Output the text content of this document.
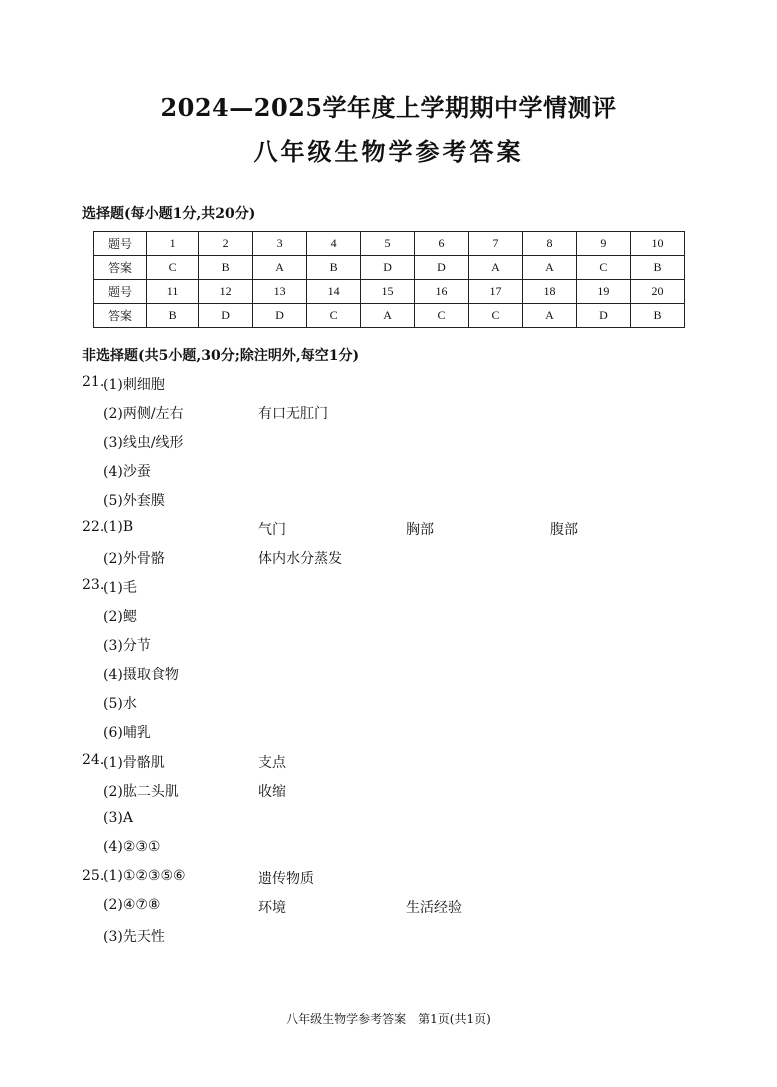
2024—2025学年度上学期期中学情测评
八年级生物学参考答案
选择题(每小题1分,共20分)
题号	1	2	3	4	5	6	7	8	9	10
答案	C	B	A	B	D	D	A	A	C	B
题号	11	12	13	14	15	16	17	18	19	20
答案	B	D	D	C	A	C	C	A	D	B
非选择题(共5小题,30分;除注明外,每空1分)
21.
(1)刺细胞
(2)两侧/左右	有口无肛门
(3)线虫/线形
(4)沙蚕
(5)外套膜
22.
(1)B	气门	胸部	腹部
(2)外骨骼	体内水分蒸发
23.
(1)毛
(2)鳃
(3)分节
(4)摄取食物
(5)水
(6)哺乳
24.
(1)骨骼肌	支点
(2)肱二头肌	收缩
(3)A
(4)②③①
25.
(1)①②③⑤⑥	遗传物质
(2)④⑦⑧	环境	生活经验
(3)先天性
八年级生物学参考答案　第1页(共1页)
